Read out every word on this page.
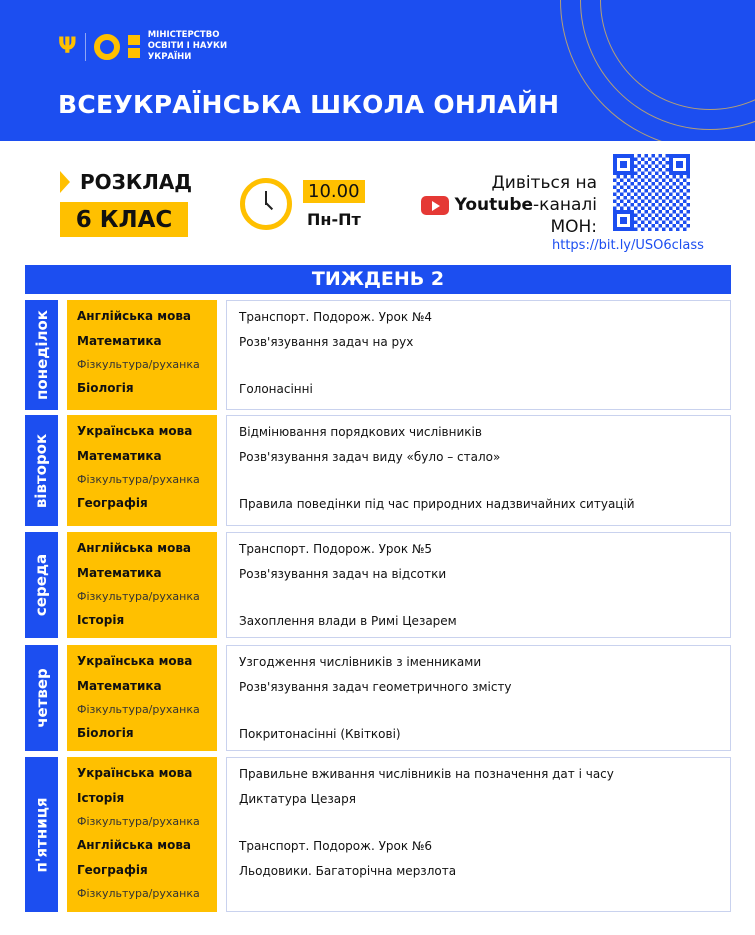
Ψ	МІНІСТЕРСТВО
ОСВІТИ І НАУКИ
УКРАЇНИ
ВСЕУКРАЇНСЬКА ШКОЛА ОНЛАЙН
РОЗКЛАД
6 КЛАС
10.00
Пн-Пт
Дивіться на
Youtube-каналі
МОН:
https://bit.ly/USO6class
ТИЖДЕНЬ 2
понеділок Англійська мова
Математика
Фізкультура/руханка
Біологія
Транспорт. Подорож. Урок №4
Розв'язування задач на рух
Голонасінні
вівторок
Українська мова
Математика
Фізкультура/руханка
Географія
Відмінювання порядкових числівників
Розв'язування задач виду «було – стало»
Правила поведінки під час природних надзвичайних ситуацій
середа
Англійська мова
Математика
Фізкультура/руханка
Історія
Транспорт. Подорож. Урок №5
Розв'язування задач на відсотки
Захоплення влади в Римі Цезарем
четвер
Українська мова
Математика
Фізкультура/руханка
Біологія
Узгодження числівників з іменниками
Розв'язування задач геометричного змісту
Покритонасінні (Квіткові)
п'ятниця
Українська мова
Історія
Фізкультура/руханка
Англійська мова
Географія
Фізкультура/руханка
Правильне вживання числівників на позначення дат і часу
Диктатура Цезаря
Транспорт. Подорож. Урок №6
Льодовики. Багаторічна мерзлота
